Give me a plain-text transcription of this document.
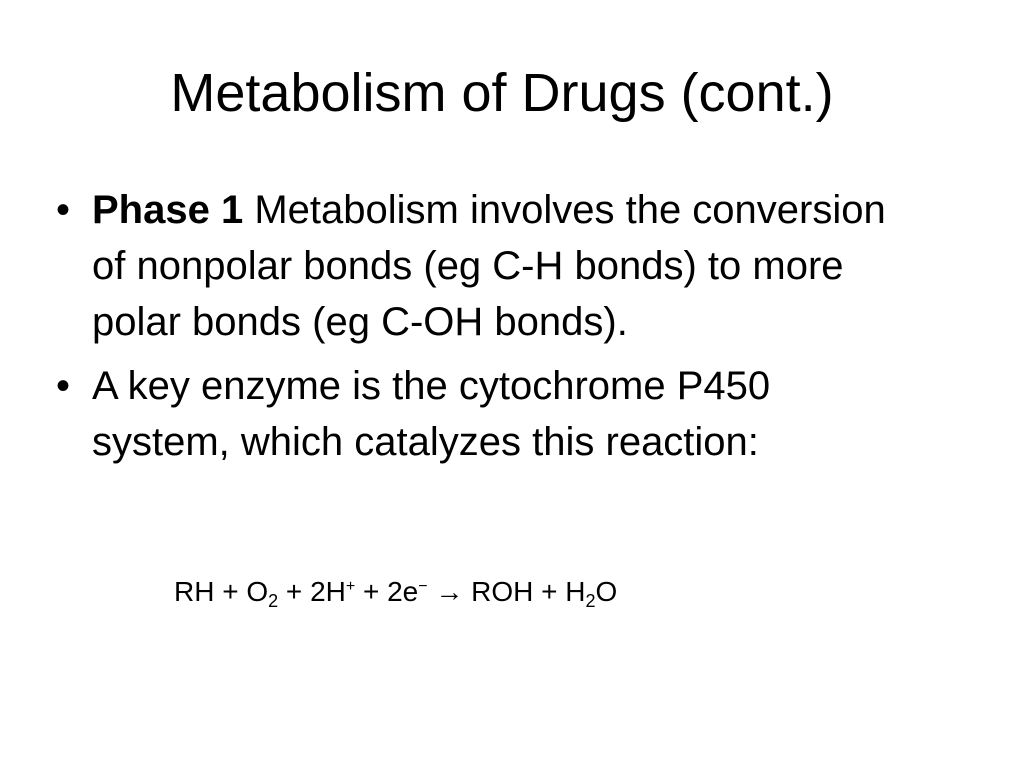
Metabolism of Drugs (cont.)
• Phase 1 Metabolism involves the conversion of nonpolar bonds (eg C-H bonds) to more polar bonds (eg C-OH bonds).
• A key enzyme is the cytochrome P450 system, which catalyzes this reaction:
RH + $O_2 + 2H^+ + 2e^-$ → ROH + $H_2O$
